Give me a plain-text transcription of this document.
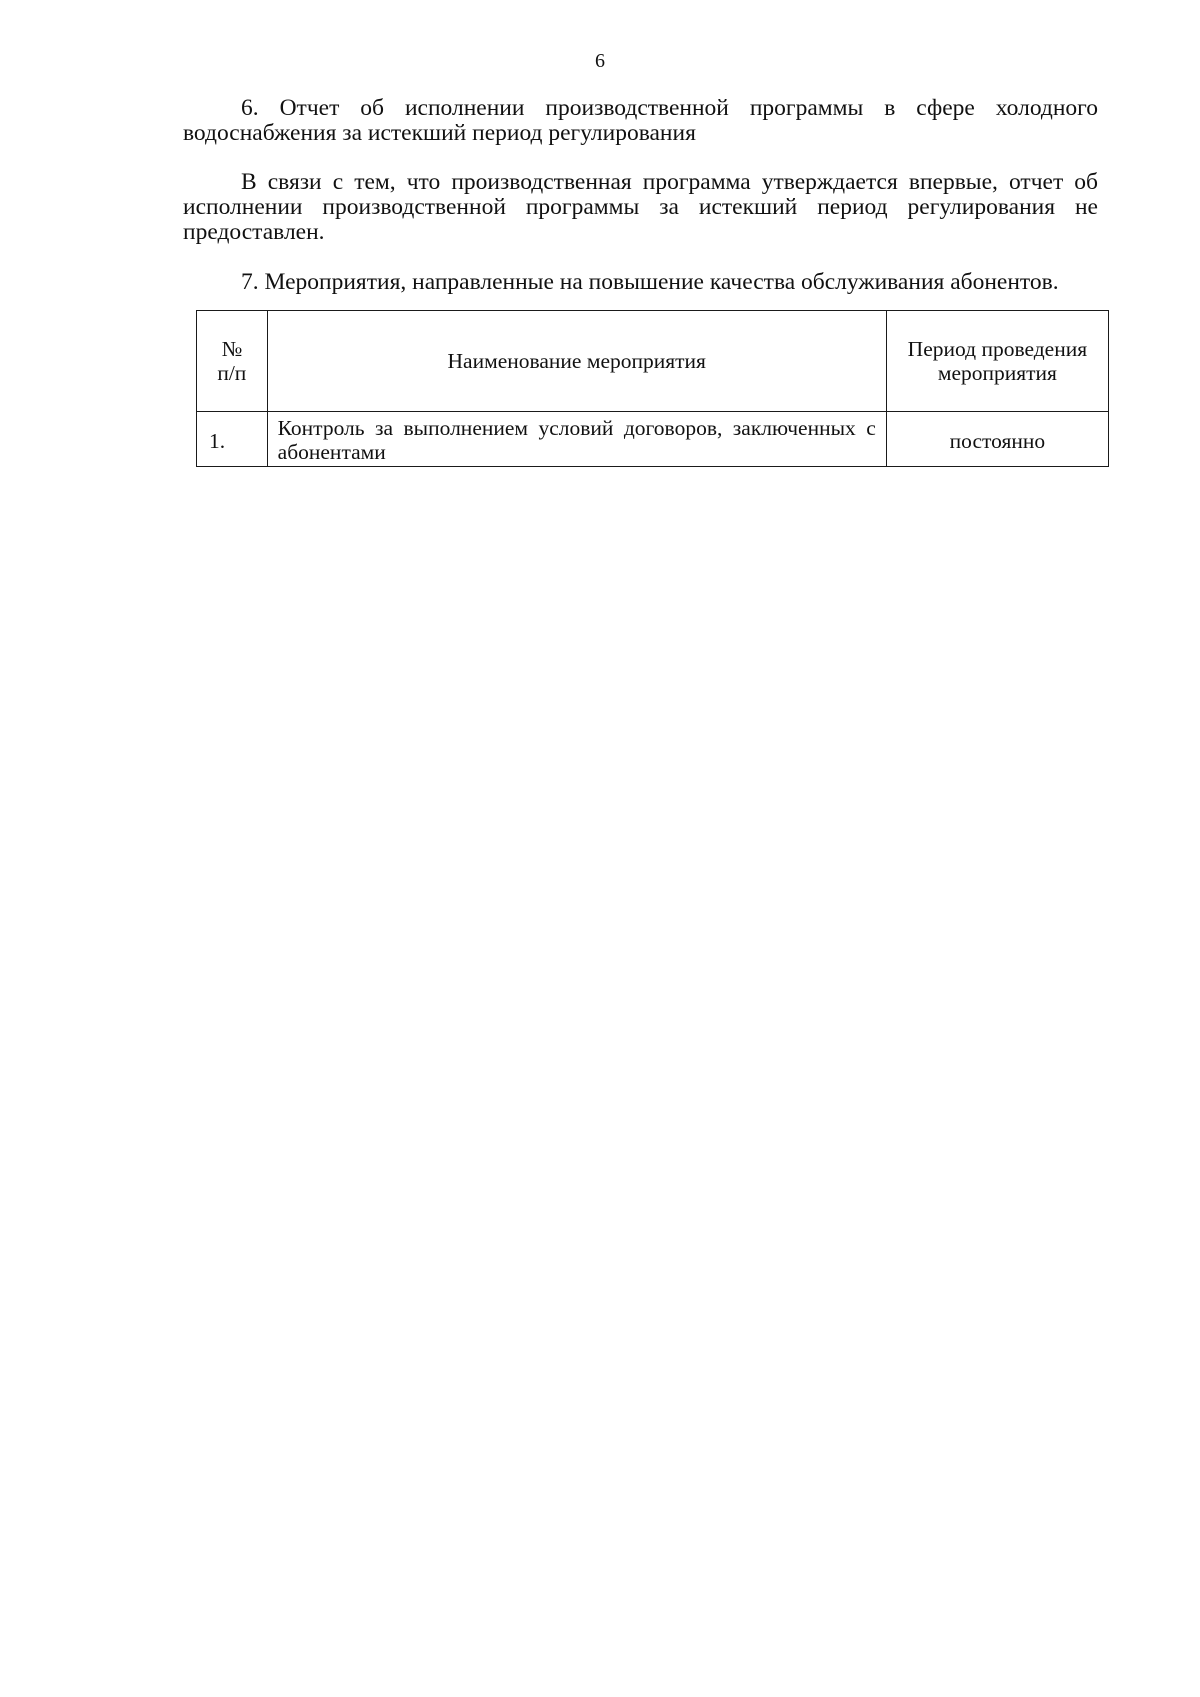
6
6. Отчет об исполнении производственной программы в сфере холодного водоснабжения за истекший период регулирования
В связи с тем, что производственная программа утверждается впервые, отчет об исполнении производственной программы за истекший период регулирования не предоставлен.
7. Мероприятия, направленные на повышение качества обслуживания абонентов.
№
п/п	Наименование мероприятия	Период проведения мероприятия
1.	Контроль за выполнением условий договоров, заключенных с абонентами	постоянно
